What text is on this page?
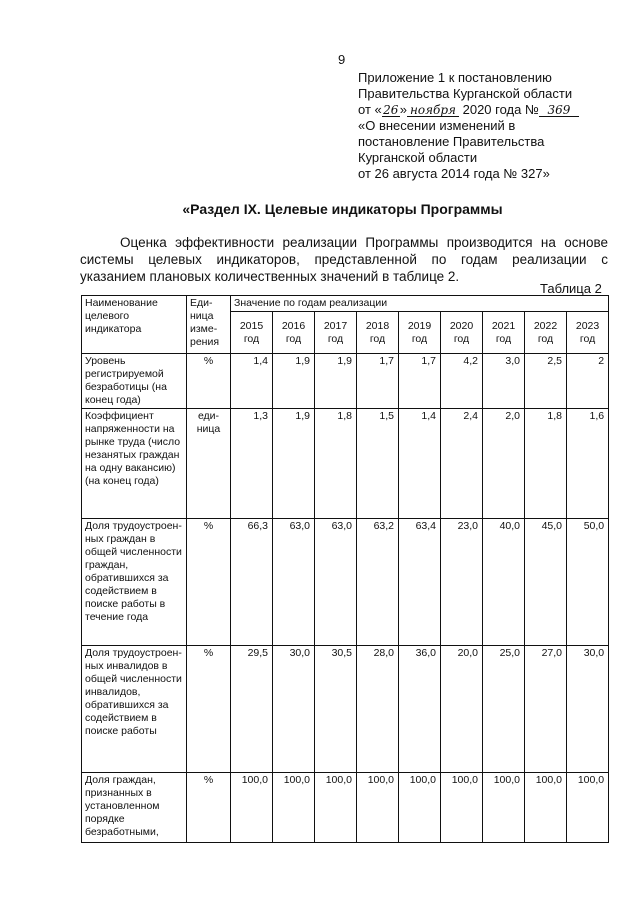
9
Приложение 1 к постановлению
Правительства Курганской области
от «26» ноября 2020 года № 369
«О внесении изменений в
постановление Правительства
Курганской области
от 26 августа 2014 года № 327»
«Раздел IX. Целевые индикаторы Программы
Оценка эффективности реализации Программы производится на основе
системы целевых индикаторов, представленной по годам реализации с
указанием плановых количественных значений в таблице 2.
Таблица 2
Наименование целевого индикатора	Еди- ница изме- рения	Значение по годам реализации								
		2015 год	2016 год	2017 год	2018 год	2019 год	2020 год	2021 год	2022 год	2023 год
Уровень регистрируемой безработицы (на конец года)	%	1,4	1,9	1,9	1,7	1,7	4,2	3,0	2,5	2
Коэффициент напряженности на рынке труда (число незанятых граждан на одну вакансию) (на конец года)	еди- ница	1,3	1,9	1,8	1,5	1,4	2,4	2,0	1,8	1,6
Доля трудоустроен- ных граждан в общей численности граждан, обратившихся за содействием в поиске работы в течение года	%	66,3	63,0	63,0	63,2	63,4	23,0	40,0	45,0	50,0
Доля трудоустроен- ных инвалидов в общей численности инвалидов, обратившихся за содействием в поиске работы	%	29,5	30,0	30,5	28,0	36,0	20,0	25,0	27,0	30,0
Доля граждан, признанных в установленном порядке безработными,	%	100,0	100,0	100,0	100,0	100,0	100,0	100,0	100,0	100,0
